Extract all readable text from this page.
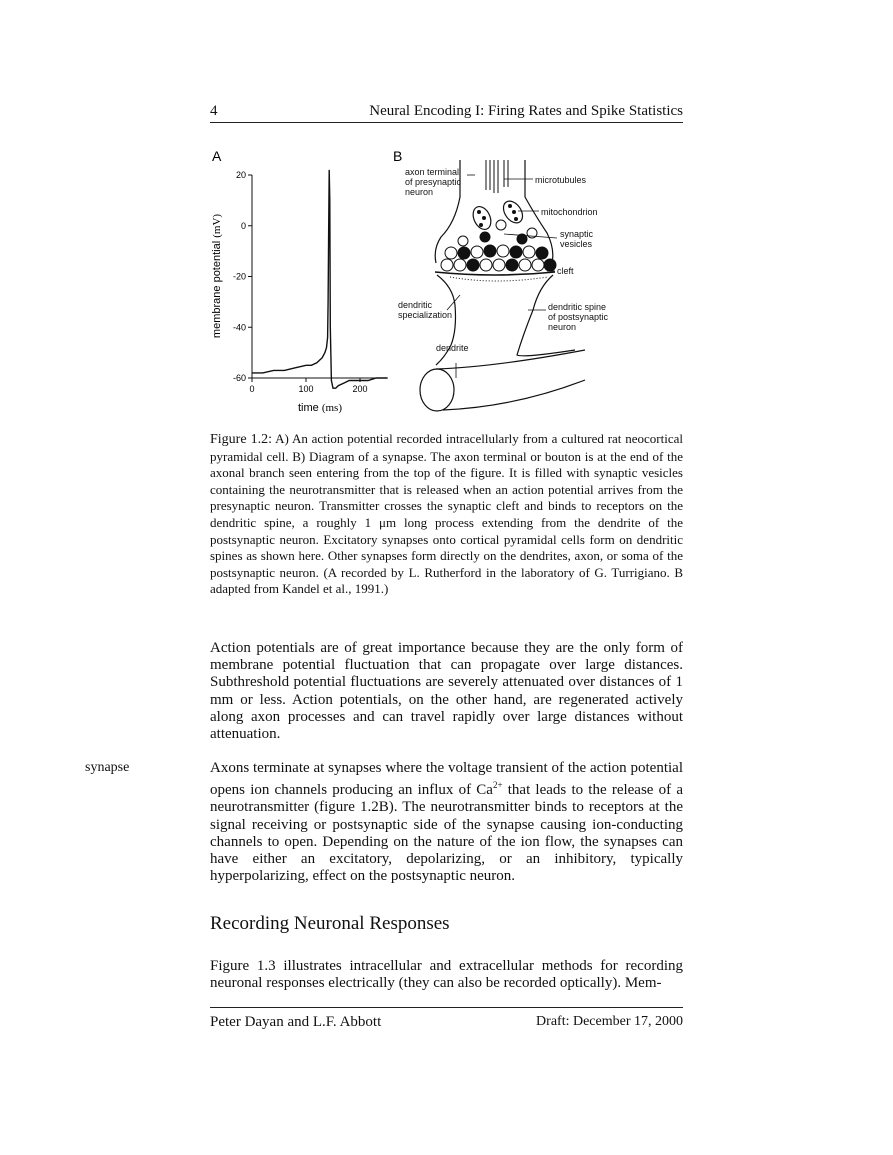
4	Neural Encoding I: Firing Rates and Spike Statistics
A
20
0
-20
-40
-60
0	100	200
membrane potential (mV)
time (ms)
B
axon terminal of presynaptic neuron
microtubules
mitochondrion
synaptic vesicles
cleft
dendritic specialization
dendritic spine of postsynaptic neuron
dendrite
Figure 1.2: A) An action potential recorded intracellularly from a cultured rat neocortical pyramidal cell. B) Diagram of a synapse. The axon terminal or bouton is at the end of the axonal branch seen entering from the top of the figure. It is filled with synaptic vesicles containing the neurotransmitter that is released when an action potential arrives from the presynaptic neuron. Transmitter crosses the synaptic cleft and binds to receptors on the dendritic spine, a roughly 1 μm long process extending from the dendrite of the postsynaptic neuron. Excitatory synapses onto cortical pyramidal cells form on dendritic spines as shown here. Other synapses form directly on the dendrites, axon, or soma of the postsynaptic neuron. (A recorded by L. Rutherford in the laboratory of G. Turrigiano. B adapted from Kandel et al., 1991.)
Action potentials are of great importance because they are the only form of membrane potential fluctuation that can propagate over large distances. Subthreshold potential fluctuations are severely attenuated over distances of 1 mm or less. Action potentials, on the other hand, are regenerated actively along axon processes and can travel rapidly over large distances without attenuation.
synapse	Axons terminate at synapses where the voltage transient of the action potential opens ion channels producing an influx of $Ca^{2+}$ that leads to the release of a neurotransmitter (figure 1.2B). The neurotransmitter binds to receptors at the signal receiving or postsynaptic side of the synapse causing ion-conducting channels to open. Depending on the nature of the ion flow, the synapses can have either an excitatory, depolarizing, or an inhibitory, typically hyperpolarizing, effect on the postsynaptic neuron.
Recording Neuronal Responses
Figure 1.3 illustrates intracellular and extracellular methods for recording neuronal responses electrically (they can also be recorded optically). Mem-
Peter Dayan and L.F. Abbott	Draft: December 17, 2000
